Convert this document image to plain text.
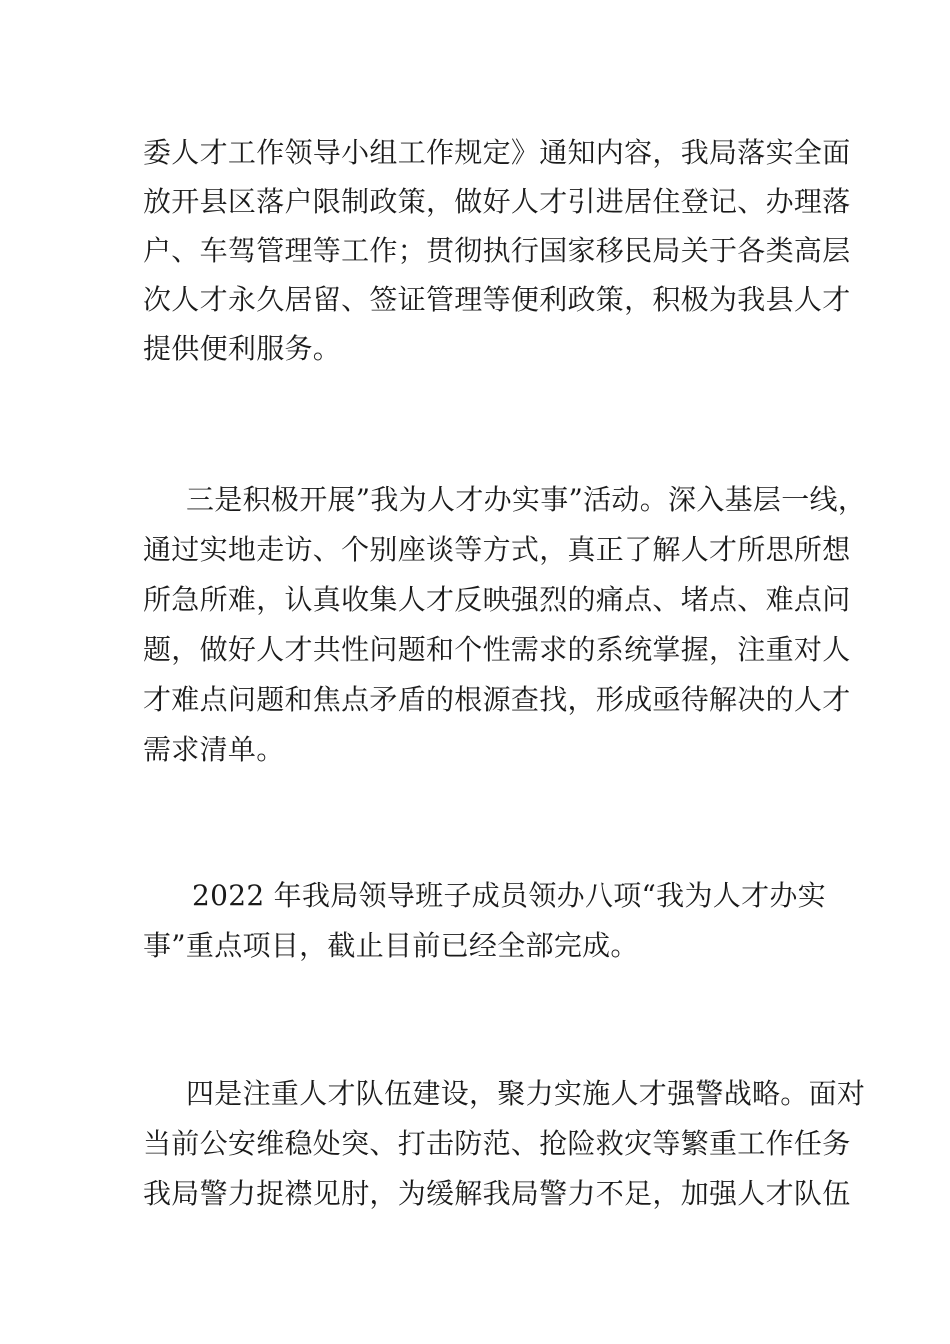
委人才工作领导小组工作规定》通知内容，我局落实全面
放开县区落户限制政策，做好人才引进居住登记、办理落
户、车驾管理等工作；贯彻执行国家移民局关于各类高层
次人才永久居留、签证管理等便利政策，积极为我县人才
提供便利服务。
三是积极开展”我为人才办实事”活动。深入基层一线，
通过实地走访、个别座谈等方式，真正了解人才所思所想
所急所难，认真收集人才反映强烈的痛点、堵点、难点问
题，做好人才共性问题和个性需求的系统掌握，注重对人
才难点问题和焦点矛盾的根源查找，形成亟待解决的人才
需求清单。
2022 年我局领导班子成员领办八项“我为人才办实
事”重点项目，截止目前已经全部完成。
四是注重人才队伍建设，聚力实施人才强警战略。面对
当前公安维稳处突、打击防范、抢险救灾等繁重工作任务
我局警力捉襟见肘，为缓解我局警力不足，加强人才队伍
